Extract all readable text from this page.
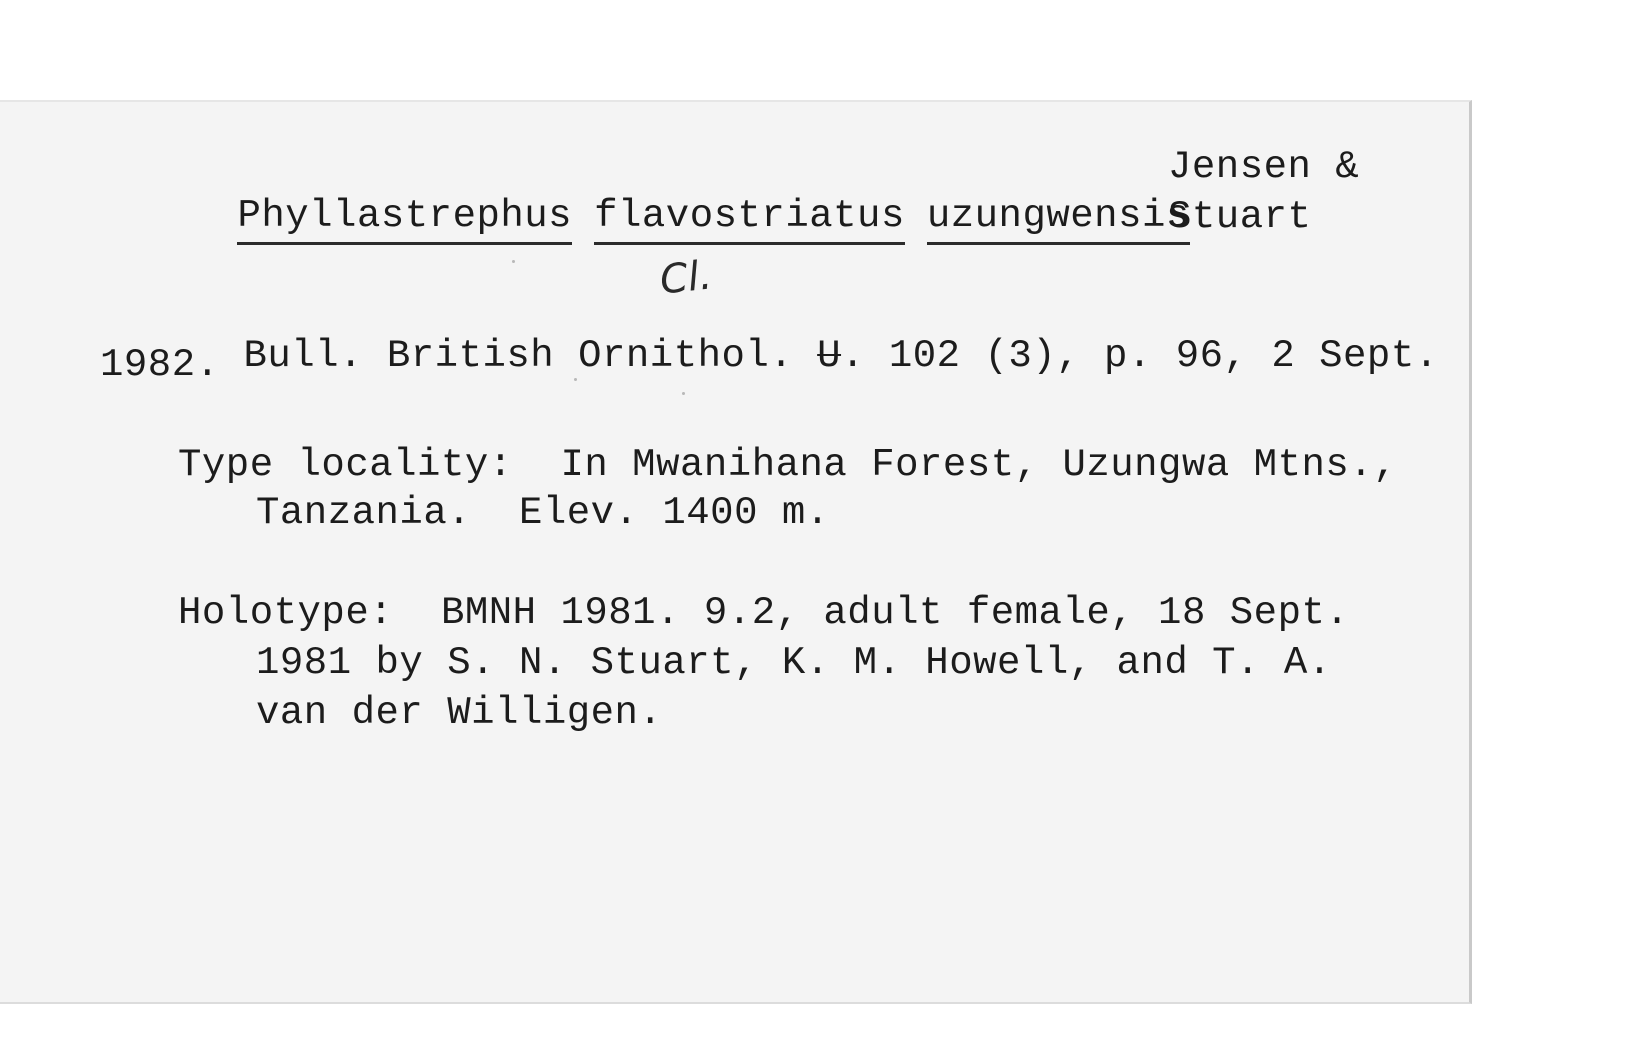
Phyllastrephus flavostriatus uzungwensis

Jensen &
Stuart
Cl.

Bull. British Ornithol. U. 102 (3), p. 96, 2 Sept.

1982.
Type locality:  In Mwanihana Forest, Uzungwa Mtns.,
Tanzania.  Elev. 1400 m.
Holotype:  BMNH 1981. 9.2, adult female, 18 Sept.
1981 by S. N. Stuart, K. M. Howell, and T. A.
van der Willigen.
